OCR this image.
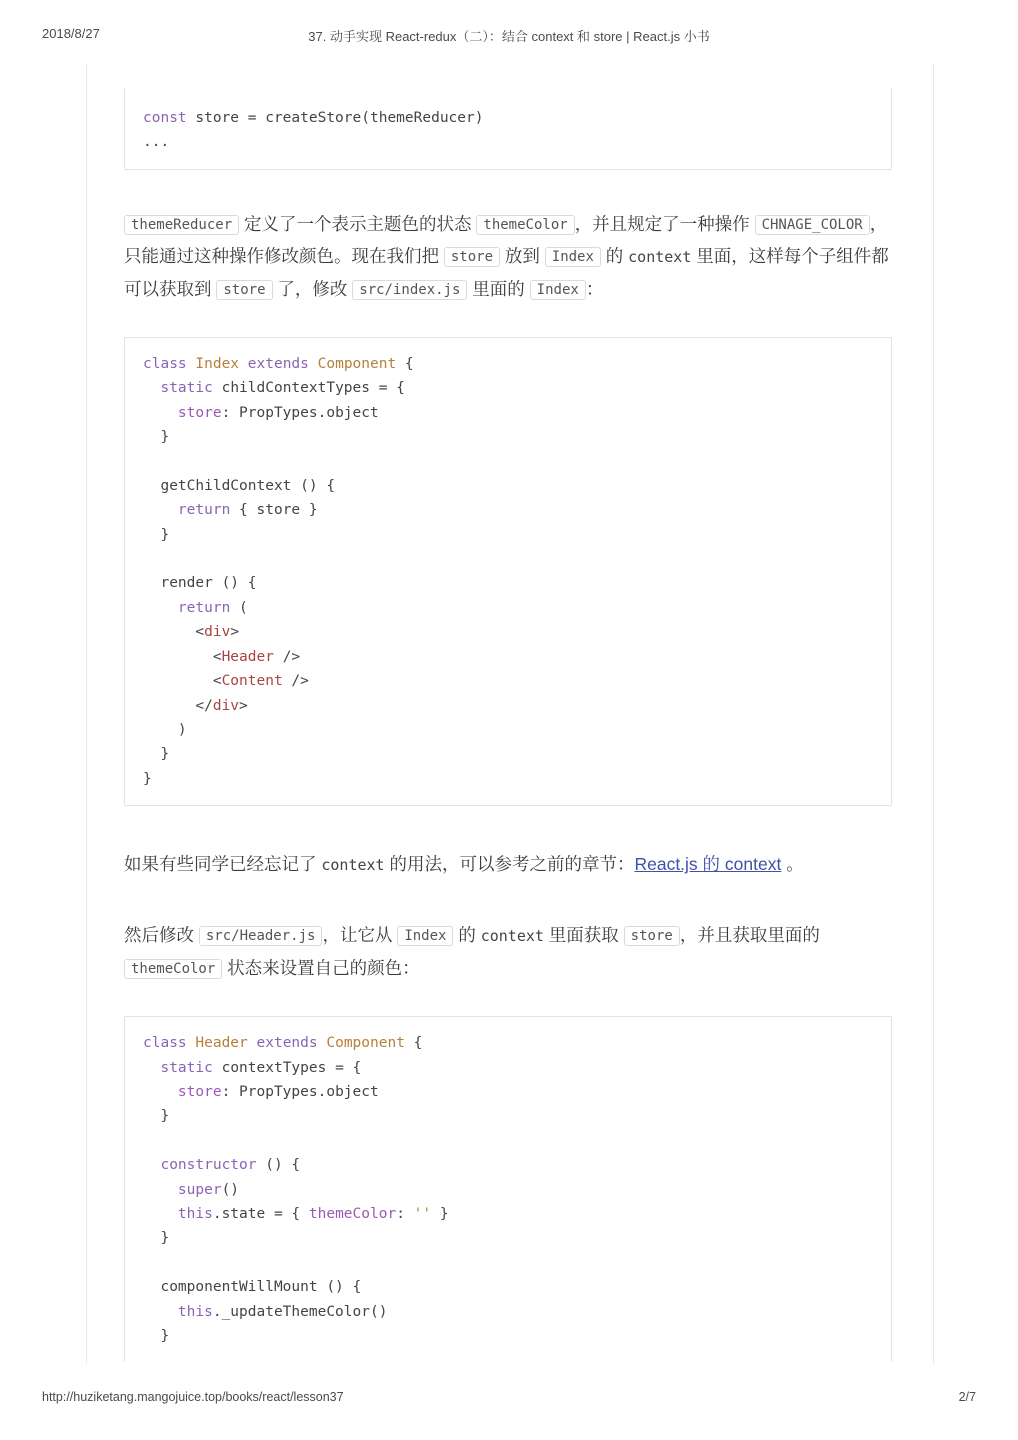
2018/8/27	37. 动手实现 React-redux（二）：结合 context 和 store | React.js 小书
const store = createStore(themeReducer)
...

themeReducer 定义了一个表示主题色的状态 themeColor ，并且规定了一种操作 CHNAGE_COLOR ，只能通过这种操作修改颜色。现在我们把 store 放到 Index 的 context 里面，这样每个子组件都可以获取到 store 了，修改 src/index.js 里面的 Index ：

class Index extends Component {
static childContextTypes = {
store: PropTypes.object
}

getChildContext () {
return { store }
}

render () {
return (
<div>
<Header />
<Content />
</div>
)
}
}

如果有些同学已经忘记了 context 的用法，可以参考之前的章节：React.js 的 context 。

然后修改 src/Header.js ，让它从 Index 的 context 里面获取 store ，并且获取里面的 themeColor 状态来设置自己的颜色：

class Header extends Component {
static contextTypes = {
store: PropTypes.object
}

constructor () {
super()
this.state = { themeColor: '' }
}

componentWillMount () {
this._updateThemeColor()
}
http://huziketang.mangojuice.top/books/react/lesson37	2/7
